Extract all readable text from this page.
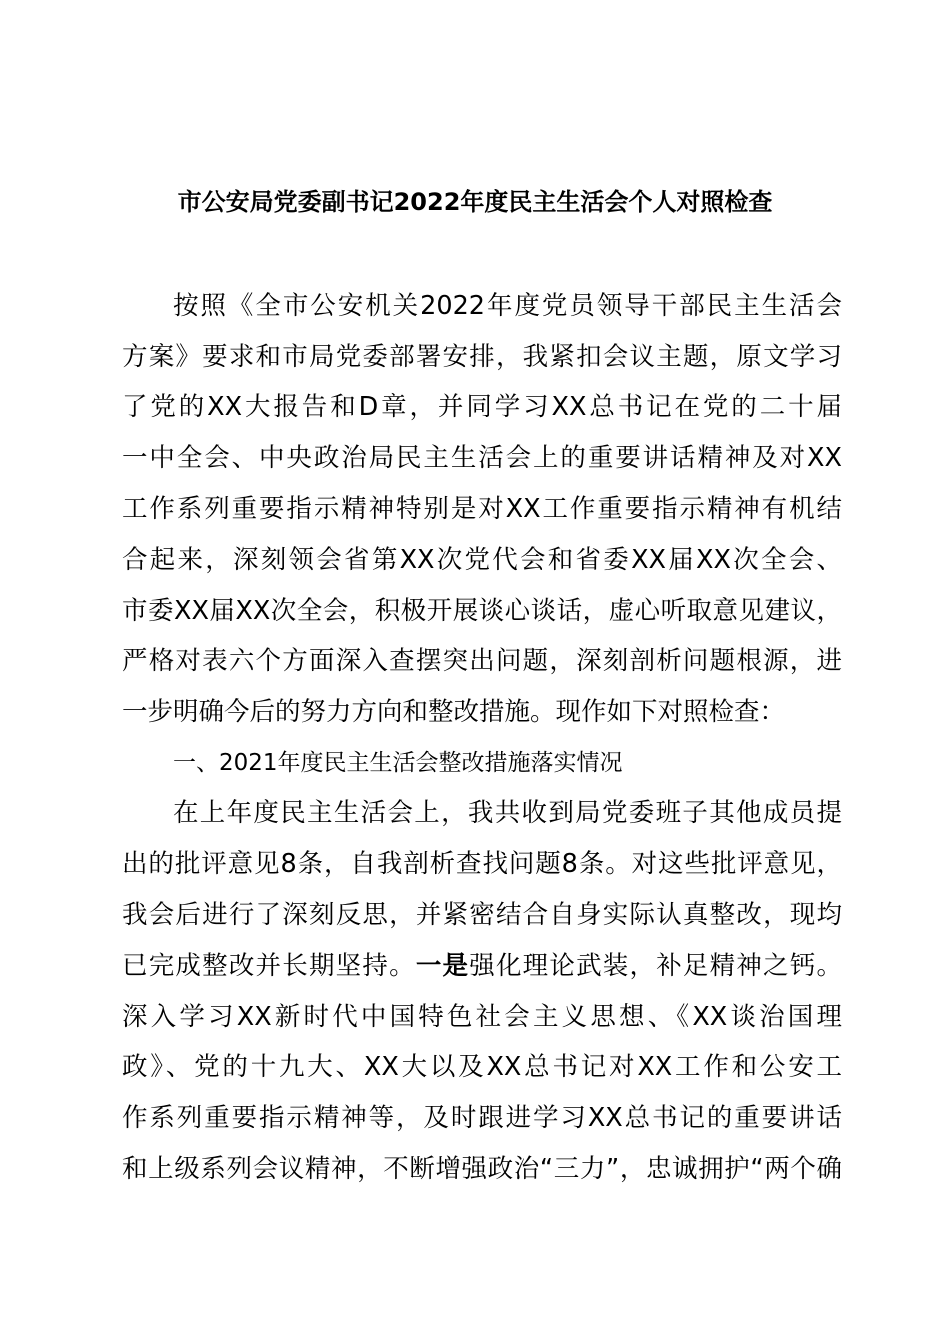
市公安局党委副书记2022年度民主生活会个人对照检查
按照《全市公安机关2022年度党员领导干部民主生活会
方案》要求和市局党委部署安排，我紧扣会议主题，原文学习
了党的XX大报告和D章，并同学习XX总书记在党的二十届
一中全会、中央政治局民主生活会上的重要讲话精神及对XX
工作系列重要指示精神特别是对XX工作重要指示精神有机结
合起来，深刻领会省第XX次党代会和省委XX届XX次全会、
市委XX届XX次全会，积极开展谈心谈话，虚心听取意见建议，
严格对表六个方面深入查摆突出问题，深刻剖析问题根源，进
一步明确今后的努力方向和整改措施。现作如下对照检查：
一、2021年度民主生活会整改措施落实情况
在上年度民主生活会上，我共收到局党委班子其他成员提
出的批评意见8条，自我剖析查找问题8条。对这些批评意见，
我会后进行了深刻反思，并紧密结合自身实际认真整改，现均
已完成整改并长期坚持。一是强化理论武装，补足精神之钙。
深入学习XX新时代中国特色社会主义思想、《XX谈治国理
政》、党的十九大、XX大以及XX总书记对XX工作和公安工
作系列重要指示精神等，及时跟进学习XX总书记的重要讲话
和上级系列会议精神，不断增强政治“三力”，忠诚拥护“两个确
